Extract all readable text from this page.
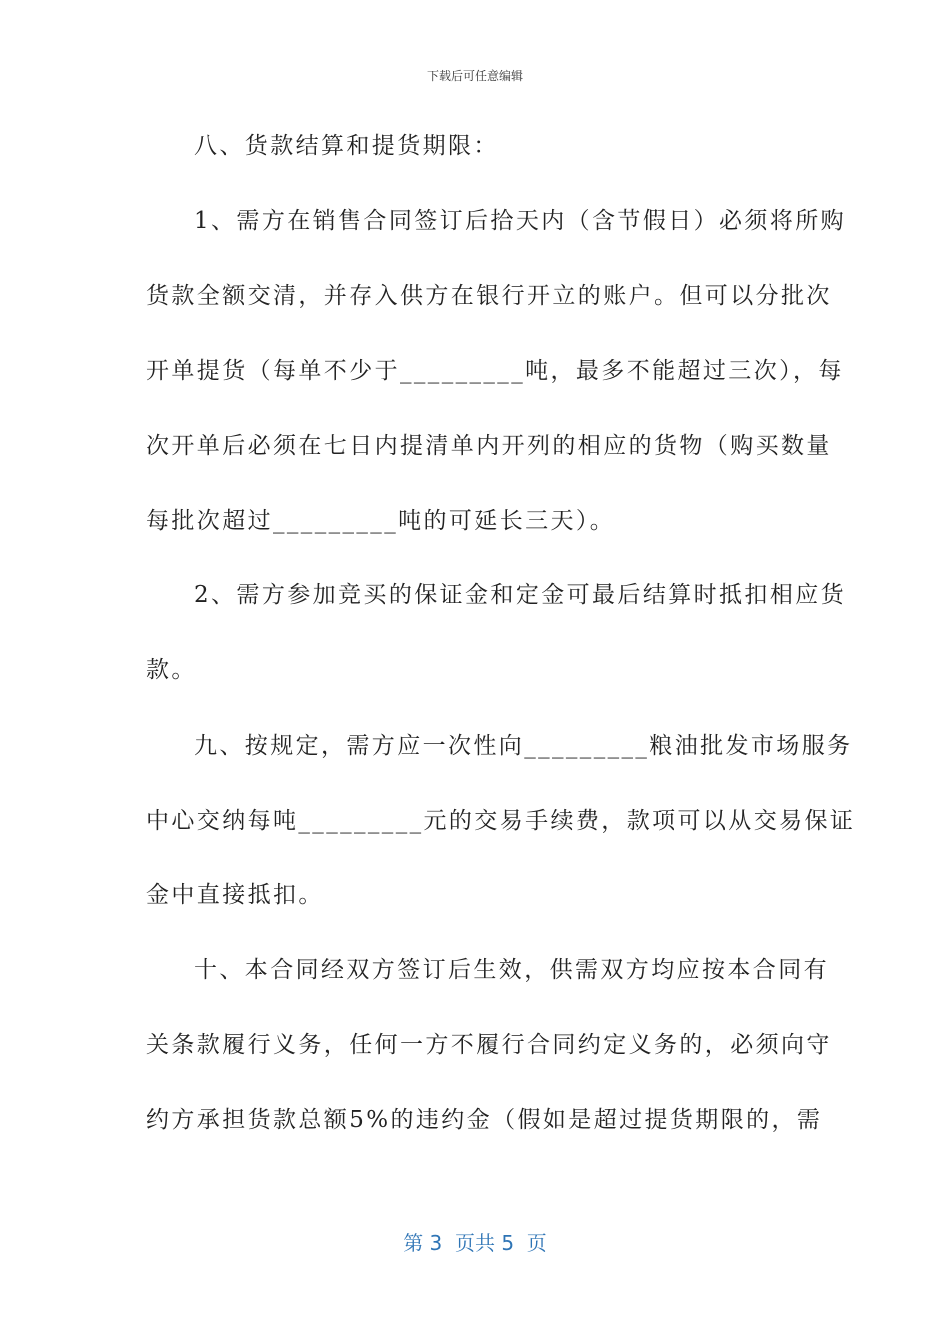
下载后可任意编辑
八、货款结算和提货期限：
1、需方在销售合同签订后拾天内（含节假日）必须将所购
货款全额交清，并存入供方在银行开立的账户。但可以分批次
开单提货（每单不少于_________吨，最多不能超过三次），每
次开单后必须在七日内提清单内开列的相应的货物（购买数量
每批次超过_________吨的可延长三天）。
2、需方参加竞买的保证金和定金可最后结算时抵扣相应货
款。
九、按规定，需方应一次性向_________粮油批发市场服务
中心交纳每吨_________元的交易手续费，款项可以从交易保证
金中直接抵扣。
十、本合同经双方签订后生效，供需双方均应按本合同有
关条款履行义务，任何一方不履行合同约定义务的，必须向守
约方承担货款总额5%的违约金（假如是超过提货期限的，需
第 3  页共 5  页
